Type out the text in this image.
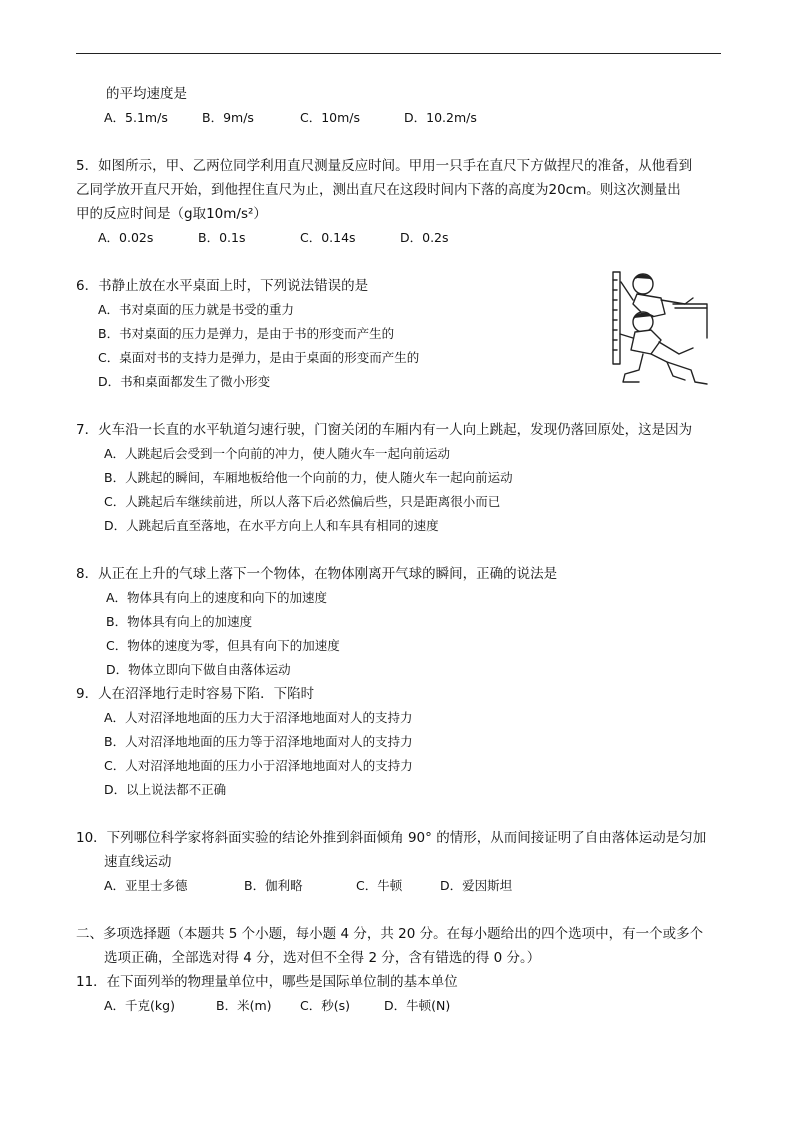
的平均速度是
A．5.1m/s	B．9m/s	C．10m/s	D．10.2m/s
5．如图所示，甲、乙两位同学利用直尺测量反应时间。甲用一只手在直尺下方做捏尺的准备，从他看到
乙同学放开直尺开始，到他捏住直尺为止，测出直尺在这段时间内下落的高度为20cm。则这次测量出
甲的反应时间是（g取10m/s²）
A．0.02s	B．0.1s	C．0.14s	D．0.2s
6．书静止放在水平桌面上时，下列说法错误的是
A．书对桌面的压力就是书受的重力
B．书对桌面的压力是弹力，是由于书的形变而产生的
C．桌面对书的支持力是弹力，是由于桌面的形变而产生的
D．书和桌面都发生了微小形变
7．火车沿一长直的水平轨道匀速行驶，门窗关闭的车厢内有一人向上跳起，发现仍落回原处，这是因为
A．人跳起后会受到一个向前的冲力，使人随火车一起向前运动
B．人跳起的瞬间，车厢地板给他一个向前的力，使人随火车一起向前运动
C．人跳起后车继续前进，所以人落下后必然偏后些，只是距离很小而已
D．人跳起后直至落地，在水平方向上人和车具有相同的速度
8．从正在上升的气球上落下一个物体，在物体刚离开气球的瞬间，正确的说法是
A．物体具有向上的速度和向下的加速度
B．物体具有向上的加速度
C．物体的速度为零，但具有向下的加速度
D．物体立即向下做自由落体运动
9．人在沼泽地行走时容易下陷．下陷时
A．人对沼泽地地面的压力大于沼泽地地面对人的支持力
B．人对沼泽地地面的压力等于沼泽地地面对人的支持力
C．人对沼泽地地面的压力小于沼泽地地面对人的支持力
D．以上说法都不正确
10．下列哪位科学家将斜面实验的结论外推到斜面倾角 90° 的情形，从而间接证明了自由落体运动是匀加
速直线运动
A．亚里士多德	B．伽利略	C．牛顿	D．爱因斯坦
二、多项选择题（本题共 5 个小题，每小题 4 分，共 20 分。在每小题给出的四个选项中，有一个或多个
选项正确，全部选对得 4 分，选对但不全得 2 分，含有错选的得 0 分。）
11．在下面列举的物理量单位中，哪些是国际单位制的基本单位
A．千克(kg)	B．米(m) C．秒(s)	D．牛顿(N)
